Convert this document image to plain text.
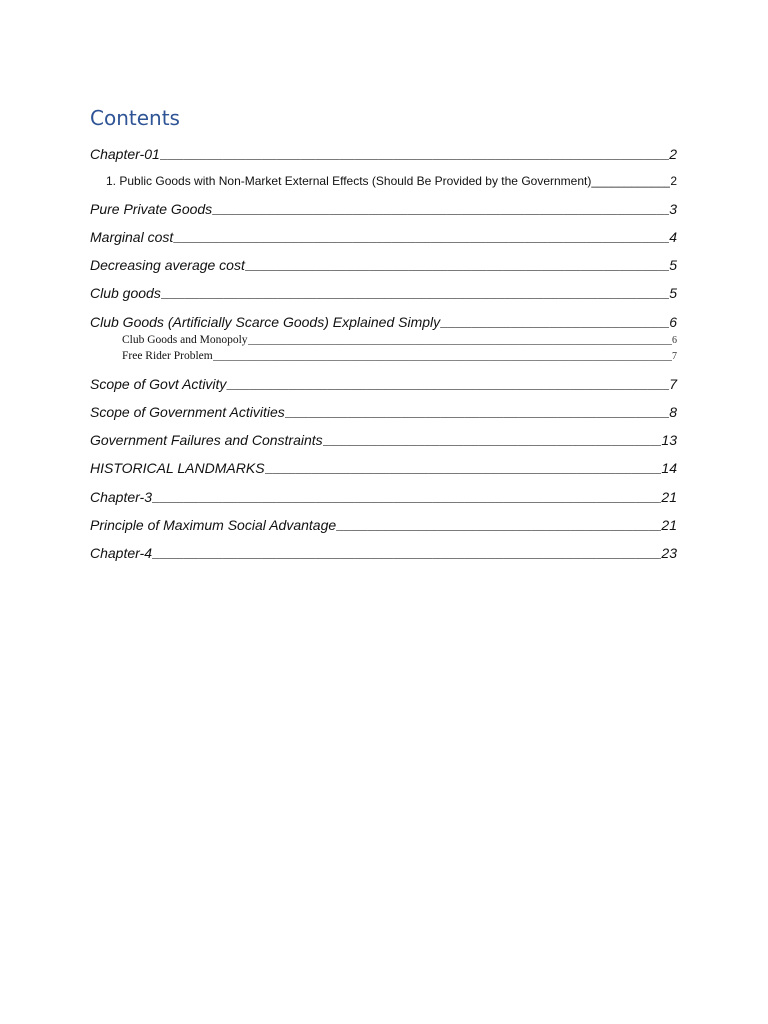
Contents
Chapter-01 _____	2
1. Public Goods with Non-Market External Effects (Should Be Provided by the Government) _____	2
Pure Private Goods _____	3
Marginal cost _____	4
Decreasing average cost _____	5
Club goods _____	5
Club Goods (Artificially Scarce Goods) Explained Simply _____	6
Club Goods and Monopoly _____	6
Free Rider Problem _____	7
Scope of Govt Activity _____	7
Scope of Government Activities _____	8
Government Failures and Constraints _____	13
HISTORICAL LANDMARKS _____	14
Chapter-3 _____	21
Principle of Maximum Social Advantage _____	21
Chapter-4 _____	23
